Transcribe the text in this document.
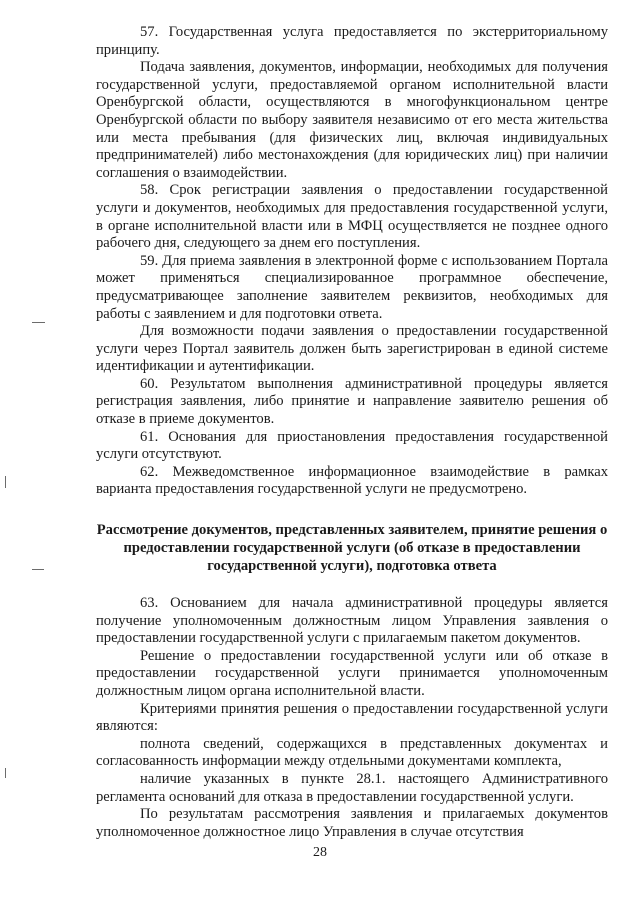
57. Государственная услуга предоставляется по экстерриториальному принципу.

Подача заявления, документов, информации, необходимых для получения государственной услуги, предоставляемой органом исполнительной власти Оренбургской области, осуществляются в многофункциональном центре Оренбургской области по выбору заявителя независимо от его места жительства или места пребывания (для физических лиц, включая индивидуальных предпринимателей) либо местонахождения (для юридических лиц) при наличии соглашения о взаимодействии.

58. Срок регистрации заявления о предоставлении государственной услуги и документов, необходимых для предоставления государственной услуги, в органе исполнительной власти или в МФЦ осуществляется не позднее одного рабочего дня, следующего за днем его поступления.

59. Для приема заявления в электронной форме с использованием Портала может применяться специализированное программное обеспечение, предусматривающее заполнение заявителем реквизитов, необходимых для работы с заявлением и для подготовки ответа.

Для возможности подачи заявления о предоставлении государственной услуги через Портал заявитель должен быть зарегистрирован в единой системе идентификации и аутентификации.

60. Результатом выполнения административной процедуры является регистрация заявления, либо принятие и направление заявителю решения об отказе в приеме документов.

61. Основания для приостановления предоставления государственной услуги отсутствуют.

62. Межведомственное информационное взаимодействие в рамках варианта предоставления государственной услуги не предусмотрено.

Рассмотрение документов, представленных заявителем, принятие решения о предоставлении государственной услуги (об отказе в предоставлении государственной услуги), подготовка ответа

63. Основанием для начала административной процедуры является получение уполномоченным должностным лицом Управления заявления о предоставлении государственной услуги с прилагаемым пакетом документов.

Решение о предоставлении государственной услуги или об отказе в предоставлении государственной услуги принимается уполномоченным должностным лицом органа исполнительной власти.

Критериями принятия решения о предоставлении государственной услуги являются:

полнота сведений, содержащихся в представленных документах и согласованность информации между отдельными документами комплекта,

наличие указанных в пункте 28.1. настоящего Административного регламента оснований для отказа в предоставлении государственной услуги.

По результатам рассмотрения заявления и прилагаемых документов уполномоченное должностное лицо Управления в случае отсутствия

28
